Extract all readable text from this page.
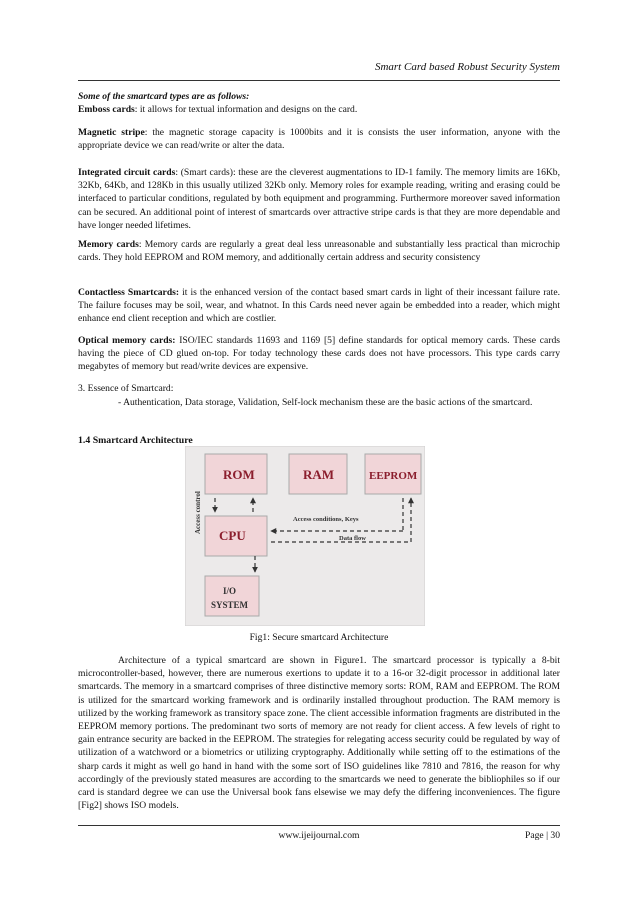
Smart Card based Robust Security System
Some of the smartcard types are as follows:
Emboss cards: it allows for textual information and designs on the card.

Magnetic stripe: the magnetic storage capacity is 1000bits and it is consists the user information, anyone with the appropriate device we can read/write or alter the data.

Integrated circuit cards: (Smart cards): these are the cleverest augmentations to ID-1 family. The memory limits are 16Kb, 32Kb, 64Kb, and 128Kb in this usually utilized 32Kb only. Memory roles for example reading, writing and erasing could be interfaced to particular conditions, regulated by both equipment and programming. Furthermore moreover saved information can be secured. An additional point of interest of smartcards over attractive stripe cards is that they are more dependable and have longer needed lifetimes.

Memory cards: Memory cards are regularly a great deal less unreasonable and substantially less practical than microchip cards. They hold EEPROM and ROM memory, and additionally certain address and security consistency

Contactless Smartcards: it is the enhanced version of the contact based smart cards in light of their incessant failure rate. The failure focuses may be soil, wear, and whatnot. In this Cards need never again be embedded into a reader, which might enhance end client reception and which are costlier.

Optical memory cards: ISO/IEC standards 11693 and 1169 [5] define standards for optical memory cards. These cards having the piece of CD glued on-top. For today technology these cards does not have processors. This type cards carry megabytes of memory but read/write devices are expensive.

3. Essence of Smartcard:

- Authentication, Data storage, Validation, Self-lock mechanism these are the basic actions of the smartcard.

1.4 Smartcard Architecture
ROM	RAM	EEPROM
CPU
I/O
SYSTEM
Access control	Access conditions, Keys
Data flow
Fig1: Secure smartcard Architecture

Architecture of a typical smartcard are shown in Figure1. The smartcard processor is typically a 8-bit microcontroller-based, however, there are numerous exertions to update it to a 16-or 32-digit processor in additional later smartcards. The memory in a smartcard comprises of three distinctive memory sorts: ROM, RAM and EEPROM. The ROM is utilized for the smartcard working framework and is ordinarily installed throughout production. The RAM memory is utilized by the working framework as transitory space zone. The client accessible information fragments are distributed in the EEPROM memory portions. The predominant two sorts of memory are not ready for client access. A few levels of right to gain entrance security are backed in the EEPROM. The strategies for relegating access security could be regulated by way of utilization of a watchword or a biometrics or utilizing cryptography. Additionally while setting off to the estimations of the sharp cards it might as well go hand in hand with the some sort of ISO guidelines like 7810 and 7816, the reason for why accordingly of the previously stated measures are according to the smartcards we need to generate the bibliophiles so if our card is standard degree we can use the Universal book fans elsewise we may defy the differing inconveniences. The figure [Fig2] shows ISO models.

www.ijeijournal.com	Page | 30
